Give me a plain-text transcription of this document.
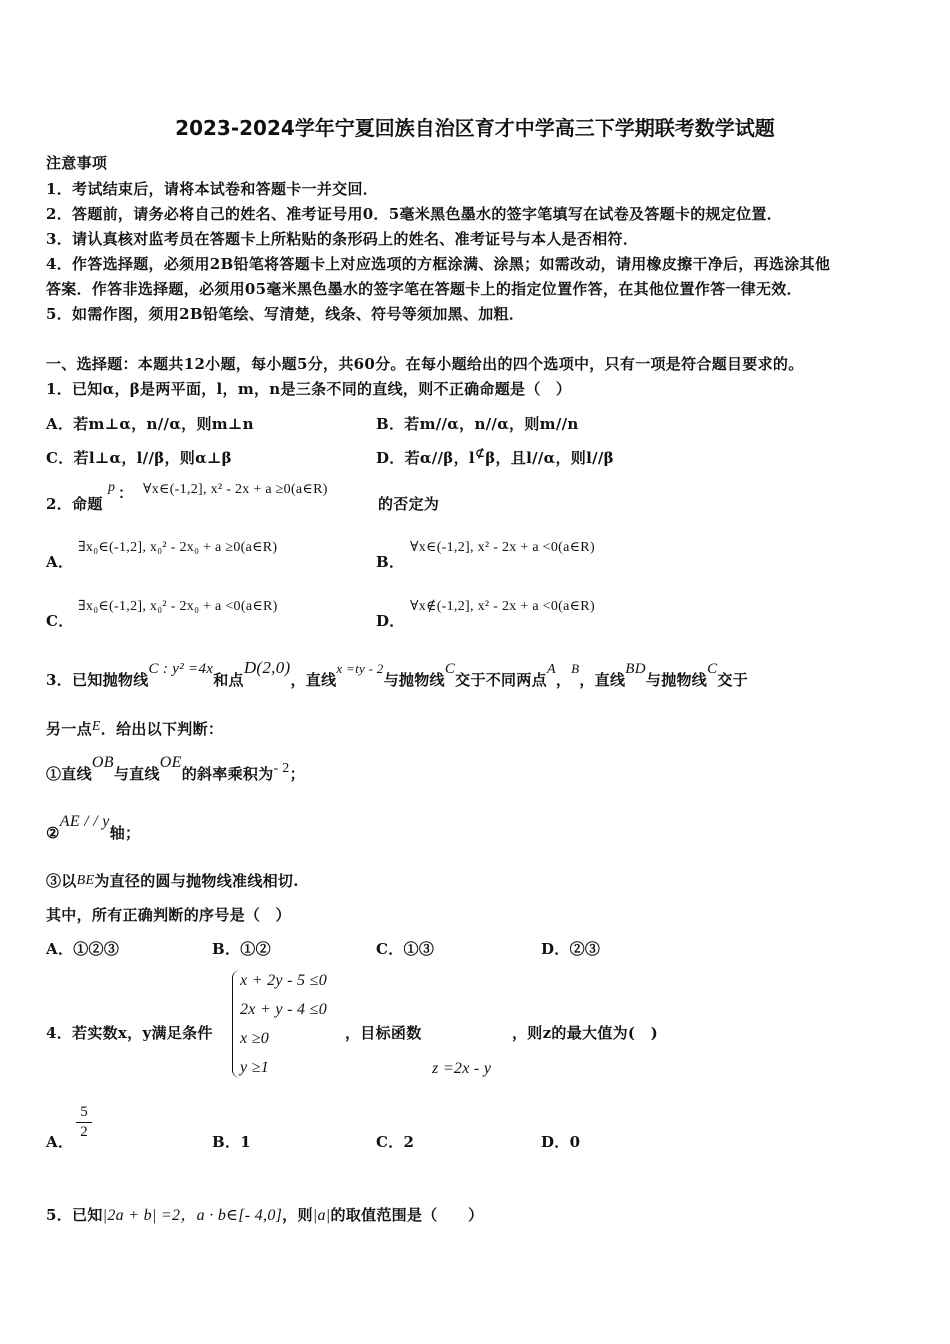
2023-2024学年宁夏回族自治区育才中学高三下学期联考数学试题
注意事项
1．考试结束后，请将本试卷和答题卡一并交回．
2．答题前，请务必将自己的姓名、准考证号用0．5毫米黑色墨水的签字笔填写在试卷及答题卡的规定位置．
3．请认真核对监考员在答题卡上所粘贴的条形码上的姓名、准考证号与本人是否相符．
4．作答选择题，必须用2B铅笔将答题卡上对应选项的方框涂满、涂黑；如需改动，请用橡皮擦干净后，再选涂其他
答案．作答非选择题，必须用05毫米黑色墨水的签字笔在答题卡上的指定位置作答，在其他位置作答一律无效．
5．如需作图，须用2B铅笔绘、写清楚，线条、符号等须加黑、加粗．
一、选择题：本题共12小题，每小题5分，共60分。在每小题给出的四个选项中，只有一项是符合题目要求的。
1．已知α，β是两平面，l，m，n是三条不同的直线，则不正确命题是（　）
A．若m⊥α，n//α，则m⊥n	B．若m//α，n//α，则m//n
C．若l⊥α，l//β，则α⊥β	D．若α//β，l⊄β，且l//α，则l//β
2．命题
p ： ∀x∈(-1,2], x² - 2x + a ≥0(a∈R)
的否定为
A．
∃x₀∈(-1,2], x₀² - 2x₀ + a ≥0(a∈R)
B．
∀x∈(-1,2], x² - 2x + a <0(a∈R)
C．
∃x₀∈(-1,2], x₀² - 2x₀ + a <0(a∈R)
D．
∀x∉(-1,2], x² - 2x + a <0(a∈R)
3．已知抛物线C : y² =4x和点D(2,0)，直线x =ty - 2与抛物线C交于不同两点A，B，直线BD与抛物线C交于
另一点E．给出以下判断：
①直线OB与直线OE的斜率乘积为- 2；
②AE / / y轴；
③以BE为直径的圆与抛物线准线相切.
其中，所有正确判断的序号是（　）
A．①②③	B．①②	C．①③	D．②③
4．若实数x，y满足条件
x + 2y - 5 ≤0
2x + y - 4 ≤0
x ≥0
y ≥1
，目标函数	，则z的最大值为(　)
z =2x - y
A．
5
2
B．1	C．2	D．0
5．已知|2a + b| =2，a · b∈[- 4,0]，则|a|的取值范围是（　　）
